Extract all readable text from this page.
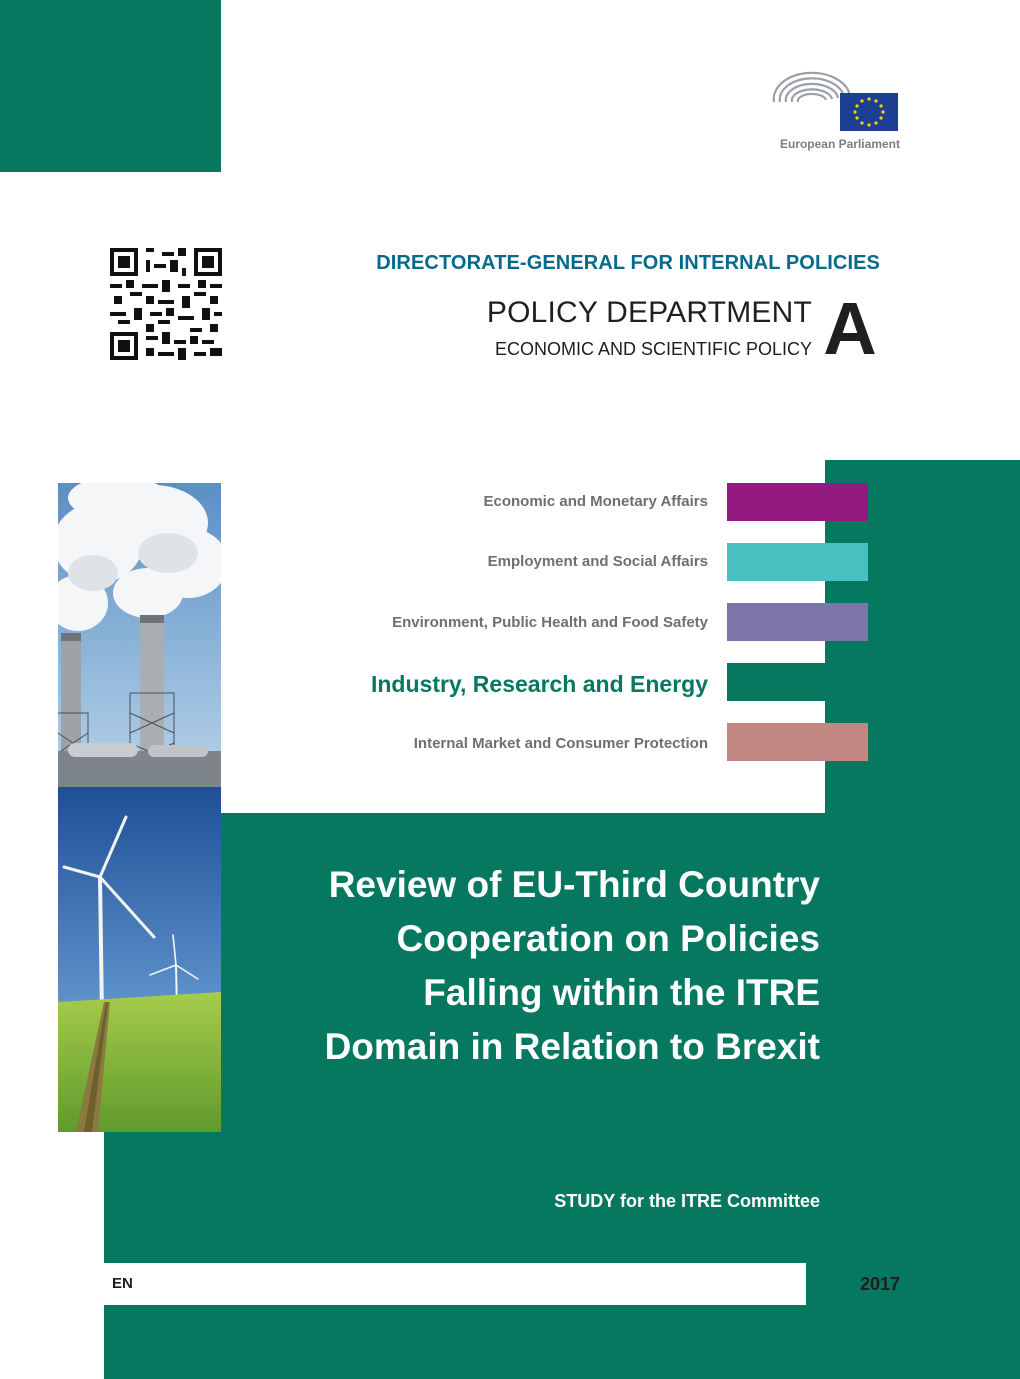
European Parliament
DIRECTORATE-GENERAL FOR INTERNAL POLICIES
POLICY DEPARTMENT
ECONOMIC AND SCIENTIFIC POLICY A
Economic and Monetary Affairs
Employment and Social Affairs
Environment, Public Health and Food Safety
Industry, Research and Energy
Internal Market and Consumer Protection
Review of EU-Third Country
Cooperation on Policies
Falling within the ITRE
Domain in Relation to Brexit
STUDY for the ITRE Committee
EN	2017
